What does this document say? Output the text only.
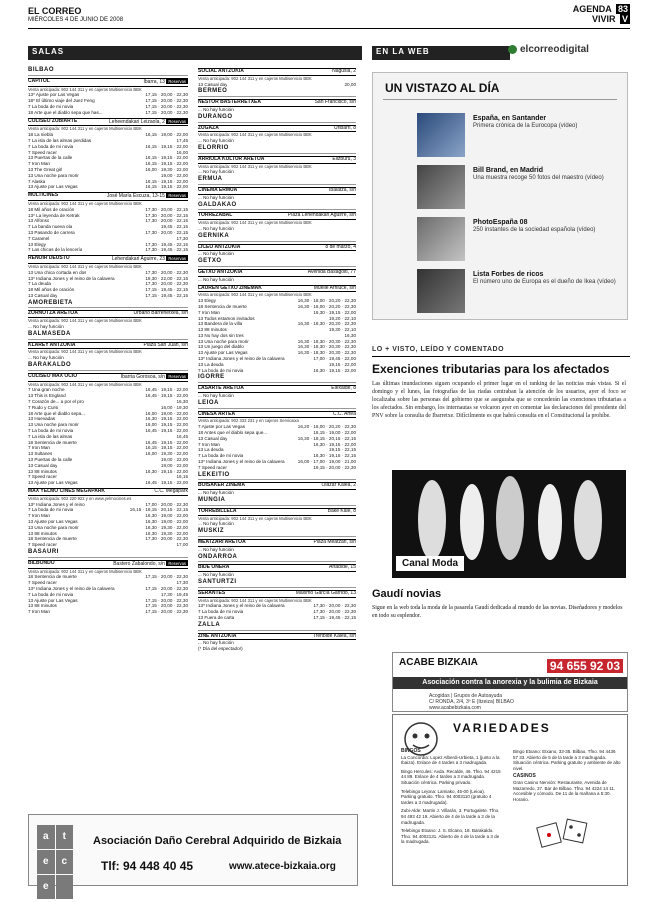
EL CORREO
MIÉRCOLES 4 DE JUNIO DE 2008
AGENDA 83
VIVIR V
SALAS
BILBAO
CAPITOL	Ibarra, 13 Reservas
Venta anticipada: 902 144 311 y en cajeros Multiservicio BBK
13* Ajuste por Las Vegas	17,15 · 20,00 · 22,30
18* El último viaje del Juez Feng	17,15 · 20,00 · 22,30
7 La boda de mi novia	17,15 · 20,00 · 22,30
18 Arte que el diablo sepa que has...	17,15 · 20,00 · 22,30
COLISEO ZUBIARTE	Leheendakari Leizaola, 2 Reservas
Venta anticipada: 902 144 311 y en cajeros Multiservicio BBK
18 La niebla	16,15 · 19,00 · 22,00
7 La isla de las almas perdidas	17,45
7 La boda de mi novia	16,15 · 19,15 · 22,00
7 Speed racer	16,00
13 Puertas de la calle	16,15 · 19,15 · 22,00
7 Iron Man	16,15 · 19,15 · 22,00
13 The Great girl	16,00 · 19,30 · 22,00
13 Una noche para morir	19,00 · 22,00
7 Alaska	16,15 · 19,15 · 22,00
13 Ajuste por Las Vegas	16,15 · 19,15 · 22,00
MULTICINES	José María Escuza, 13-15 Reservas
Venta anticipada: 902 144 311 y en cajeros Multiservicio BBK
18 Mil años de oración	17,30 · 20,00 · 22,15
13* La leyenda de Ketrak	17,30 · 20,00 · 22,15
13 Alfonso	17,30 · 20,00 · 22,15
7 La banda nueva ola	19,45 · 22,15
13 Pasando de carrera	17,30 · 20,00 · 22,15
7 Caramel	17,30
13 Elegy	17,30 · 19,45 · 22,15
7 Las chicas de la lencería	17,30 · 19,45 · 22,15
RENOIR DEUSTO	Lehendakari Aguirre, 23 Reservas
Venta anticipada: 902 144 311 y en cajeros Multiservicio BBK
13 Una chica cortada en dos	17,30 · 20,00 · 22,30
13* Indiana Jones y el reino de la calavera	19,30 · 22,00 · 22,15
7 La deuda	17,30 · 20,00 · 22,30
18 Mil años de oración	17,15 · 19,45 · 22,15
13 Casual day	17,15 · 19,45 · 22,15
AMOREBIETA
ZORNOTZA ARETOA	Urbano Barrenetxea, s/n
Venta anticipada: 902 144 311 y en cajeros Multiservicio BBK
... No hay función
BALMASEDA
KLAREY ANTZOKIA	Plaza San Juan, s/n
Venta anticipada: 902 144 311 y en cajeros Multiservicio BBK
... No hay función
BARAKALDO
COLISEO MAX OCIO	Ibarria Gorosoa, s/n Reservas
Venta anticipada: 902 144 311 y en cajeros Multiservicio BBK
7 Una gran noche	16,45 · 19,15 · 22,00
13 This is England	16,45 · 19,15 · 22,00
7 Corazón de... a por el pro	16,30
7 Rudo y Cursi	16,00 · 19,30
18 Arte que el diablo sepa...	16,00 · 19,00 · 22,00
13 Huevadas	16,30 · 19,15 · 22,00
13 Una noche para morir	16,00 · 19,15 · 22,00
7 La boda de mi novia	16,45 · 19,15 · 22,00
7 La isla de las almas	16,45
18 Sentencia de muerte	16,45 · 19,15 · 22,00
7 Iron Man	16,15 · 19,15 · 22,00
13 Sultanes	16,00 · 19,30 · 22,00
13 Puertas de la calle	19,00 · 22,00
13 Casual day	19,00 · 22,00
13 88 minutos	16,30 · 19,15 · 22,00
7 Speed racer	16,15
13 Ajuste por Las Vegas	16,45 · 19,15 · 22,00
MAX YELMO CINES MEGAPARK	C.C. Megapark
Venta anticipada: 902 220 922 y en www.yelmocines.es
13* Indiana Jones y el reino	17,00 · 20,00 · 22,30
7 La boda de mi novia	16,15 · 18,15 · 20,15 · 22,15
7 Iron Man	16,30 · 19,00 · 22,00
13 Ajuste por Las Vegas	16,30 · 19,00 · 22,00
13 Una noche para morir	16,30 · 19,30 · 22,00
13 88 minutos	16,30 · 19,30 · 22,00
18 Sentencia de muerte	17,30 · 20,00 · 22,30
7 Speed racer	17,00
BASAURI
BILBONDO	Bastero Zabalondo, s/n Reservas
Venta anticipada: 902 144 311 y en cajeros Multiservicio BBK
18 Sentencia de muerte	17,15 · 20,00 · 22,30
7 Speed racer	17,30
13* Indiana Jones y el reino de la calavera	17,15 · 20,00 · 22,30
7 La boda de mi novia	17,30 · 19,45
13 Ajuste por Las Vegas	17,15 · 20,00 · 22,30
13 88 minutos	17,15 · 20,00 · 22,30
7 Iron Man	17,15 · 20,00 · 22,30
SOCIAL ANTZOKIA	Nagusia, 2
Venta anticipada: 902 144 311 y en cajeros Multiservicio BBK
13 Casual day	20,00
BERMEO
NESTOR BASTERRETXEA	San Francisco, s/n
... No hay función
DURANGO
ZUGAZA	Uribarri, 8
Venta anticipada: 902 144 311 y en cajeros Multiservicio BBK
... No hay función
ELORRIO
ARRIOLA KULTUR ARETOA	Elizburu, 3
Venta anticipada: 902 144 311 y en cajeros Multiservicio BBK
... No hay función
ERMUA
CINEMA ERMUA	Ibalatza, s/n
... No hay función
GALDAKAO
TORREZABAL	Plaza Lehendakari Aguirre, s/n
Venta anticipada: 902 144 311 y en cajeros Multiservicio BBK
... No hay función
GERNIKA
LICEO ANTZOKIA	8 de marzo, 4
... No hay función
GETXO
GETXO ANTZOKIA	Avenida Basagoiti, 77
... No hay función
LAUREN GETXO ZINEMAK	Muelle Arriluce, s/n
Venta anticipada: 902 144 311 y en cajeros Multiservicio BBK
13 Elegy	16,30 · 18,00 · 20,20 · 22,30
18 Sentencia de muerte	16,30 · 18,00 · 20,20 · 22,30
7 Iron Man	16,30 · 19,15 · 22,00
13 Todos estamos invitados	19,20 · 22,10
13 Bandera de la villa	16,30 · 18,30 · 20,20 · 22,30
13 88 minutos	19,30 · 22,10
13 No hay dos sin tres	16,30
13 Una noche para morir	16,30 · 18,30 · 20,30 · 22,30
13 Un juego del diablo	16,30 · 18,30 · 20,30 · 22,30
13 Ajuste por Las Vegas	16,30 · 18,30 · 20,30 · 22,30
13* Indiana Jones y el reino de la calavera	17,00 · 19,45 · 22,00
13 La deuda	19,15 · 22,00
7 La boda de mi novia	16,30 · 19,15 · 22,00
IGORRE
LASARTE ARETOA	Elexalde, 8
... No hay función
LEIOA
CINESA ARTEA	C.C. Artea
Venta anticipada: 902 333 231 y en cajeros Servicaixa
7 Ajuste por Las Vegas	16,20 · 18,00 · 20,20 · 22,30
18 Antes que el diablo sepa que...	16,15 · 19,00 · 22,00
13 Casual day	16,30 · 18,15 · 20,15 · 22,15
7 Iron Man	16,30 · 19,15 · 22,00
13 La deuda	19,15 · 22,15
7 La boda de mi novia	16,30 · 19,15 · 22,15
13* Indiana Jones y el reino de la calavera	16,00 · 17,00 · 19,00 · 21,00
7 Speed racer	19,15 · 20,00 · 22,30
LEKEITIO
BOISAKER ZINEMA	Olazar Kalea, 2
... No hay función
MUNGIA
TORREBILLELA	Bake Kale, 8
Venta anticipada: 902 144 311 y en cajeros Multiservicio BBK
... No hay función
MUSKIZ
MEATZARI ARETOA	Plaza Meatzari, s/n
... No hay función
ONDARROA
BIDE ONERA	Artabide, 15
... No hay función
SANTURTZI
SERANTES	Máximo García Garrido, 13
Venta anticipada: 902 144 311 y en cajeros Multiservicio BBK
13* Indiana Jones y el reino de la calavera	17,30 · 20,00 · 22,30
7 La boda de mi novia	17,30 · 20,00 · 22,30
13 Fuera de carta	17,15 · 19,45 · 22,15
ZALLA
ZINE ANTZOKIA	Trenbide Kalea, s/n
... No hay función
(* Día del espectador)
a	t
e	c
e
Asociación Daño Cerebral Adquirido de Bizkaia
Tlf: 94 448 40 45	www.atece-bizkaia.org
EN LA WEB	elcorreodigital
UN VISTAZO AL DÍA
España, en Santander
Primera crónica de la Eurocopa (vídeo)
Bill Brand, en Madrid
Una muestra recoge 50 fotos del maestro (vídeo)
PhotoEspaña 08
250 instantes de la sociedad española (vídeo)
Lista Forbes de ricos
El número uno de Europa es el dueño de Ikea (vídeo)
LO + VISTO, LEÍDO Y COMENTADO
Exenciones tributarias para los afectados
Las últimas inundaciones siguen ocupando el primer lugar en el ranking de las noticias más vistas. Si el domingo y el lunes, las fotografías de las riadas centraban la atención de los usuarios, ayer el foco se localizaba sobre las personas del gobierno que se aseguraba que se concederán las exenciones tributarias a los afectados. Sin embargo, los internautas se volcaron ayer en comentar las declaraciones del presidente del PNV sobre la consulta de Ibarretxe. Difícilmente es que habrá consulta en el Constitucional la prohíbe.
Canal Moda
Gaudí novias
Sigue en la web toda la moda de la pasarela Gaudí dedicada al mundo de las novias. Diseñadores y modelos en todo su esplendor.
ACABE BIZKAIA	94 655 92 03
Asociación contra la anorexia y la bulimia de Bizkaia
Acogidas | Grupos de Autoayuda
C/ RONDA, 2/4, 3º E (Itzeiza) BILBAO
www.acabebizkaia.com
VARIEDADES
BINGOS
La Concordia: Lopez Alberdi-Urbieta, 1 (junto a la Ibaiza). Enlace de 4 tardes a 3 madrugada.
Bingo Hercules: Avda. Recalde, 46. Tfno. 94 4215 44 89. Enlace de 4 tardes a 3 madrugada. Situación céntrica. Parking privado.
Telebingo Lejona: Lamiako, 45-00 (Leioa). Parking gratuito. Tfno. 94 4003110 (gratuito 4 tardes a 3 madrugada).
Zubi-Alde: Martin J. Villarán, 3. Portugalete. Tfno. 94 493 42 19. Abierto de 4 de la tarde a 3 de la madrugada.
Telebingo Etxano: J. S. Elcano, 18. Barakaldo. Tfno. 94 4002131. Abierto de 4 de la tarde a 3 de la madrugada.
Bingo Etxano: Etxano, 33-35. Bilbao. Tfno. 94 4436 57 33. Abierto de 5 de la tarde a 3 madrugada. Situación céntrica. Parking gratuito y ambiente de alto nivel.
CASINOS
Gran Casino Nervión: Restaurante, Avenida de Mazarredo, 37. Bar de Bilbao. Tfno. 94 4224 14 11. Accesible y cómodo. De 11 de la mañana a 5:30. Horario.
